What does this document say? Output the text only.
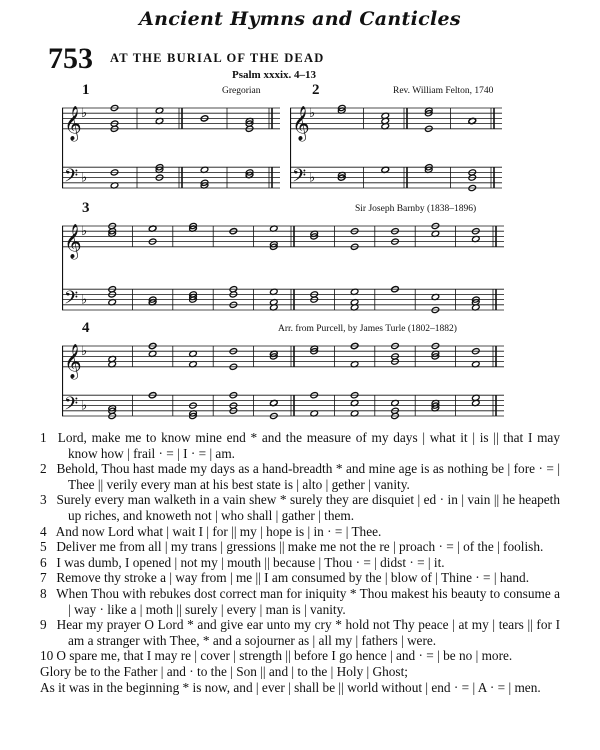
Ancient Hymns and Canticles
753 AT THE BURIAL OF THE DEAD
Psalm xxxix. 4–13
1	Gregorian
𝄞 ♭
𝄢 ♭
2	Rev. William Felton, 1740
𝄞 ♭
𝄢 ♭
3	Sir Joseph Barnby (1838–1896)
𝄞 ♭
𝄢 ♭
4	Arr. from Purcell, by James Turle (1802–1882)
𝄞 ♭
𝄢 ♭

1 Lord, make me to know mine end * and the measure of my days | what it | is || that I may know how | frail · = | I · = | am.

2 Behold, Thou hast made my days as a hand-breadth * and mine age is as nothing be | fore · = | Thee || verily every man at his best state is | alto | gether | vanity.

3 Surely every man walketh in a vain shew * surely they are disquiet | ed · in | vain || he heapeth up riches, and knoweth not | who shall | gather | them.

4 And now Lord what | wait I | for || my | hope is | in · = | Thee.

5 Deliver me from all | my trans | gressions || make me not the re | proach · = | of the | foolish.

6 I was dumb, I opened | not my | mouth || because | Thou · = | didst · = | it.

7 Remove thy stroke a | way from | me || I am consumed by the | blow of | Thine · = | hand.

8 When Thou with rebukes dost correct man for iniquity * Thou makest his beauty to consume a | way · like a | moth || surely | every | man is | vanity.

9 Hear my prayer O Lord * and give ear unto my cry * hold not Thy peace | at my | tears || for I am a stranger with Thee, * and a sojourner as | all my | fathers | were.

10 O spare me, that I may re | cover | strength || before I go hence | and · = | be no | more.

Glory be to the Father | and · to the | Son || and | to the | Holy | Ghost;

As it was in the beginning * is now, and | ever | shall be || world without | end · = | A · = | men.
